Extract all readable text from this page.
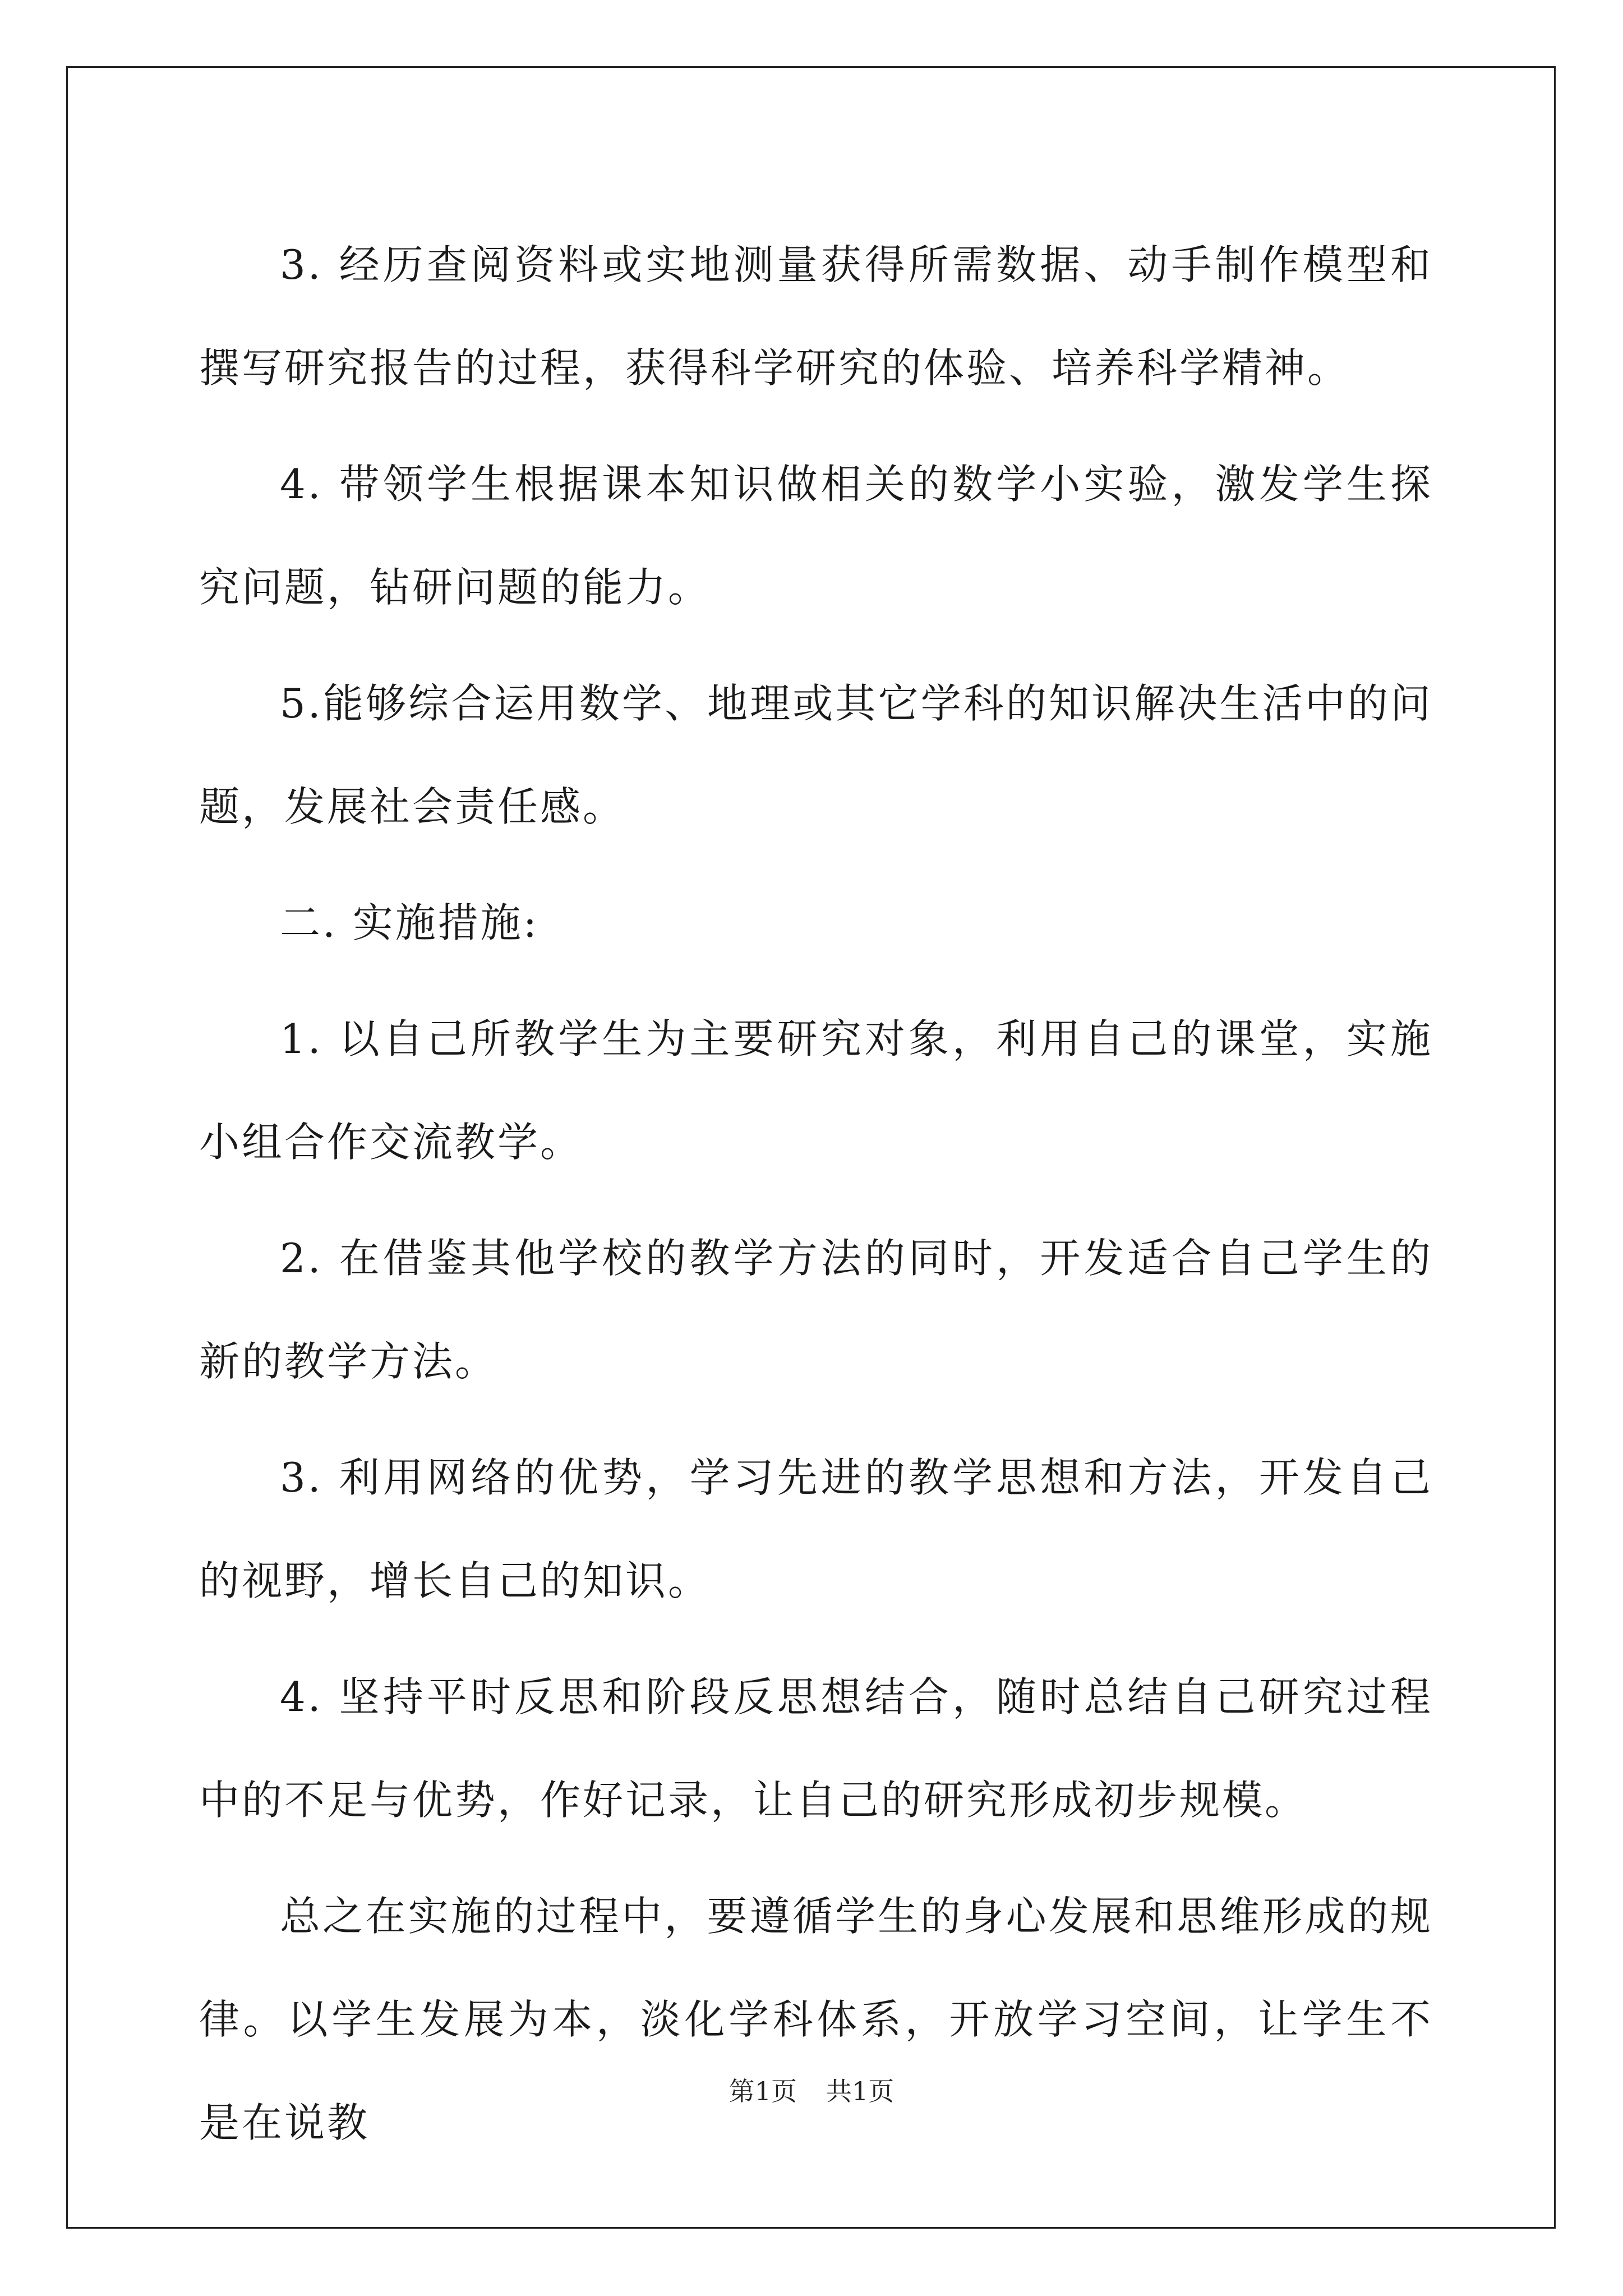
3. 经历查阅资料或实地测量获得所需数据、动手制作模型和撰写研究报告的过程，获得科学研究的体验、培养科学精神。

4. 带领学生根据课本知识做相关的数学小实验，激发学生探究问题，钻研问题的能力。

5.能够综合运用数学、地理或其它学科的知识解决生活中的问题，发展社会责任感。

二. 实施措施:

1. 以自己所教学生为主要研究对象，利用自己的课堂，实施小组合作交流教学。

2. 在借鉴其他学校的教学方法的同时，开发适合自己学生的新的教学方法。

3. 利用网络的优势，学习先进的教学思想和方法，开发自己的视野，增长自己的知识。

4. 坚持平时反思和阶段反思想结合，随时总结自己研究过程中的不足与优势，作好记录，让自己的研究形成初步规模。

总之在实施的过程中，要遵循学生的身心发展和思维形成的规律。以学生发展为本，淡化学科体系，开放学习空间，让学生不是在说教

第1页 共1页
